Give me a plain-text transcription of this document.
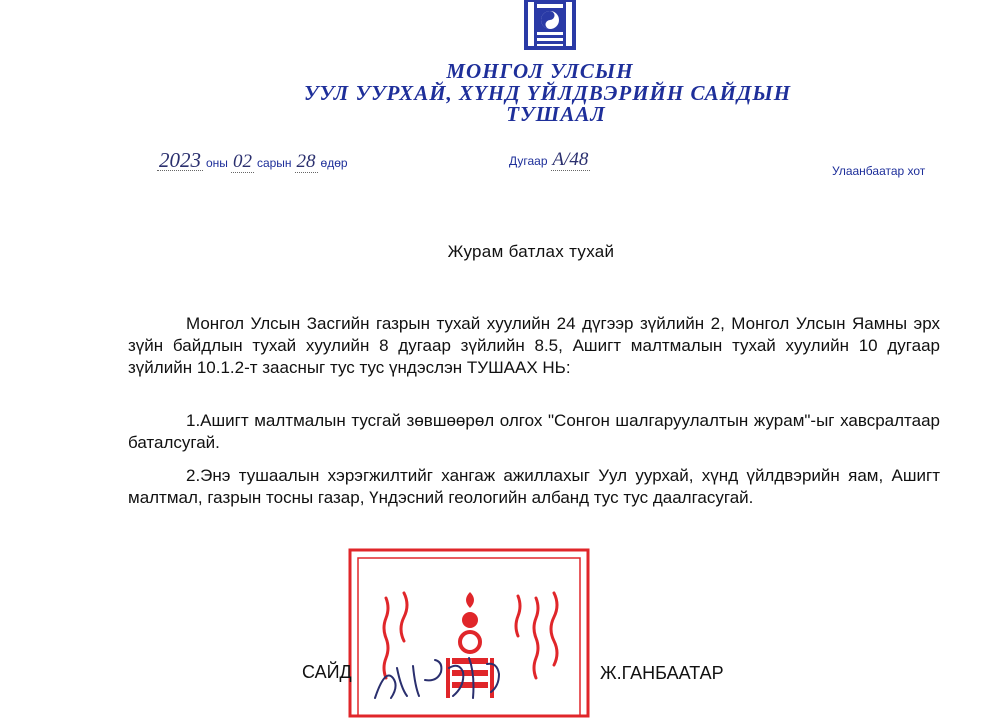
МОНГОЛ УЛСЫН
УУЛ УУРХАЙ, ХҮНД ҮЙЛДВЭРИЙН САЙДЫН
ТУШААЛ
2023 оны 02 сарын 28 өдөр	Дугаар А/48
Улаанбаатар хот
Журам батлах тухай

Монгол Улсын Засгийн газрын тухай хуулийн 24 дүгээр зүйлийн 2, Монгол Улсын Яамны эрх зүйн байдлын тухай хуулийн 8 дугаар зүйлийн 8.5, Ашигт малтмалын тухай хуулийн 10 дугаар зүйлийн 10.1.2-т заасныг тус тус үндэслэн ТУШААХ НЬ:

1.Ашигт малтмалын тусгай зөвшөөрөл олгох "Сонгон шалгаруулалтын журам"-ыг хавсралтаар баталсугай.

2.Энэ тушаалын хэрэгжилтийг хангаж ажиллахыг Уул уурхай, хүнд үйлдвэрийн яам, Ашигт малтмал, газрын тосны газар, Үндэсний геологийн албанд тус тус даалгасугай.

САЙД	Ж.ГАНБААТАР
